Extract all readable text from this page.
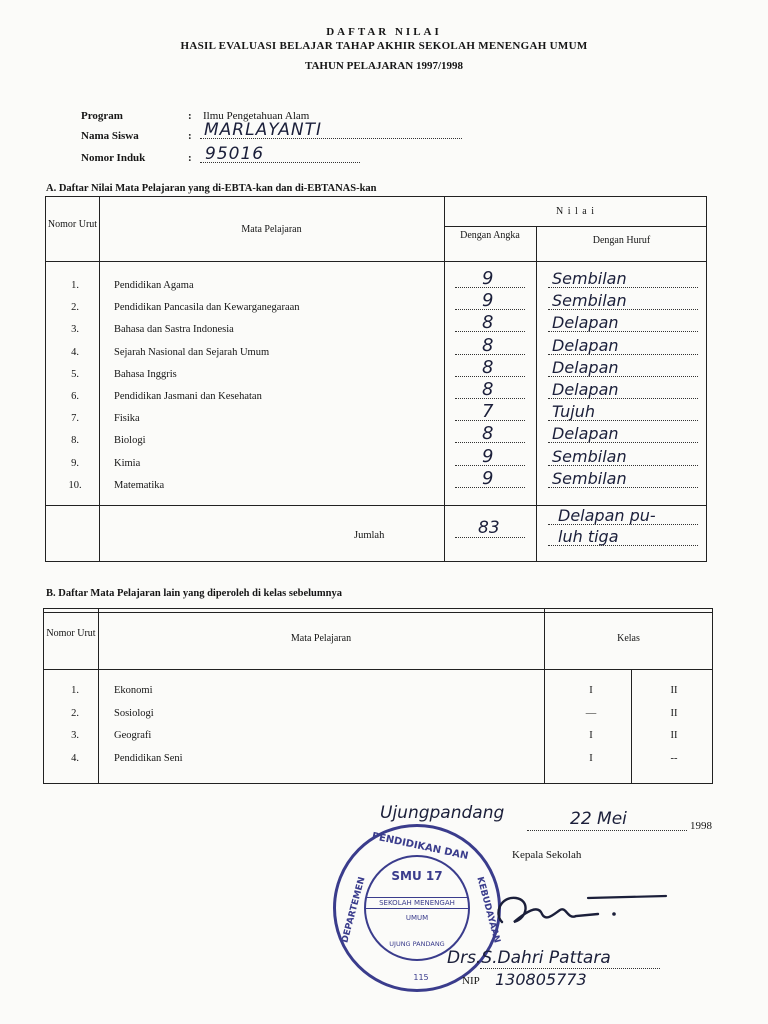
DAFTAR NILAI
HASIL EVALUASI BELAJAR TAHAP AKHIR SEKOLAH MENENGAH UMUM
TAHUN PELAJARAN 1997/1998
Program	: Ilmu Pengetahuan Alam
Nama Siswa	: MARLAYANTI
Nomor Induk	: 95016
A. Daftar Nilai Mata Pelajaran yang di-EBTA-kan dan di-EBTANAS-kan
Nomor Urut	Mata Pelajaran
N i l a i
Dengan Angka	Dengan Huruf
1.	Pendidikan Agama	9	Sembilan
2.	Pendidikan Pancasila dan Kewarganegaraan	9	Sembilan
3.	Bahasa dan Sastra Indonesia	8	Delapan
4.	Sejarah Nasional dan Sejarah Umum	8	Delapan
5.	Bahasa Inggris	8	Delapan
6.	Pendidikan Jasmani dan Kesehatan	8	Delapan
7.	Fisika	7	Tujuh
8.	Biologi	8	Delapan
9.	Kimia	9	Sembilan
10.	Matematika	9	Sembilan
Jumlah	83
Delapan pu-
luh tiga
B. Daftar Mata Pelajaran lain yang diperoleh di kelas sebelumnya
Nomor Urut	Mata Pelajaran	Kelas
1.	Ekonomi	I	II
2.	Sosiologi	—	II
3.	Geografi	I	II
4.	Pendidikan Seni	I	--
Ujungpandang	22 Mei	1998
Kepala Sekolah
PENDIDIKAN DAN
DEPARTEMEN	KEBUDAYAAN
SMU 17
SEKOLAH MENENGAH
UMUM
UJUNG PANDANG
115
Drs.S.Dahri Pattara
NIP 130805773
